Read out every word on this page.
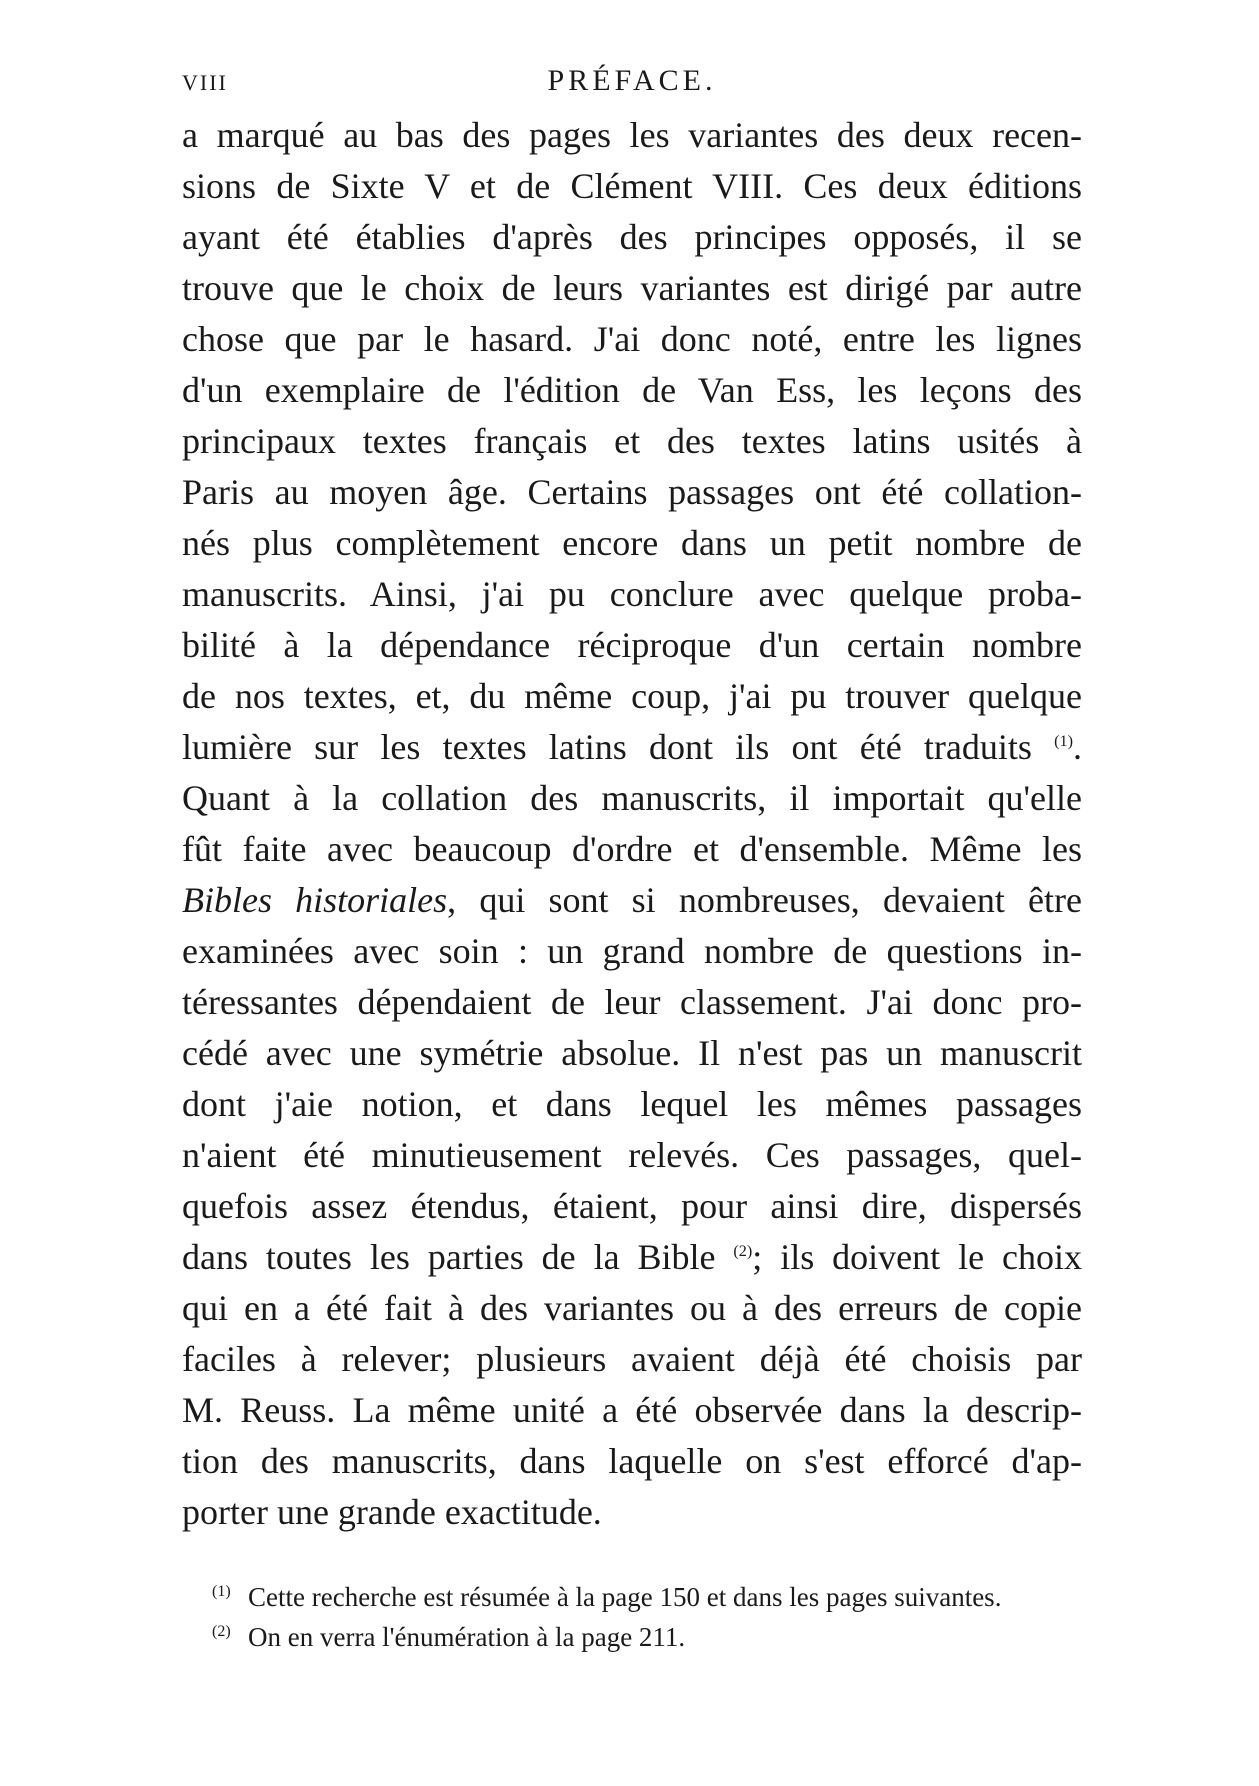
VIII	PRÉFACE.
a marqué au bas des pages les variantes des deux recen-
sions de Sixte V et de Clément VIII. Ces deux éditions
ayant été établies d'après des principes opposés, il se
trouve que le choix de leurs variantes est dirigé par autre
chose que par le hasard. J'ai donc noté, entre les lignes
d'un exemplaire de l'édition de Van Ess, les leçons des
principaux textes français et des textes latins usités à
Paris au moyen âge. Certains passages ont été collation-
nés plus complètement encore dans un petit nombre de
manuscrits. Ainsi, j'ai pu conclure avec quelque proba-
bilité à la dépendance réciproque d'un certain nombre
de nos textes, et, du même coup, j'ai pu trouver quelque
lumière sur les textes latins dont ils ont été traduits $^{(1)}$.
Quant à la collation des manuscrits, il importait qu'elle
fût faite avec beaucoup d'ordre et d'ensemble. Même les
Bibles historiales, qui sont si nombreuses, devaient être
examinées avec soin : un grand nombre de questions in-
téressantes dépendaient de leur classement. J'ai donc pro-
cédé avec une symétrie absolue. Il n'est pas un manuscrit
dont j'aie notion, et dans lequel les mêmes passages
n'aient été minutieusement relevés. Ces passages, quel-
quefois assez étendus, étaient, pour ainsi dire, dispersés
dans toutes les parties de la Bible $^{(2)}$; ils doivent le choix
qui en a été fait à des variantes ou à des erreurs de copie
faciles à relever; plusieurs avaient déjà été choisis par
M. Reuss. La même unité a été observée dans la descrip-
tion des manuscrits, dans laquelle on s'est efforcé d'ap-
porter une grande exactitude.
(1) Cette recherche est résumée à la page 150 et dans les pages suivantes.
(2) On en verra l'énumération à la page 211.
